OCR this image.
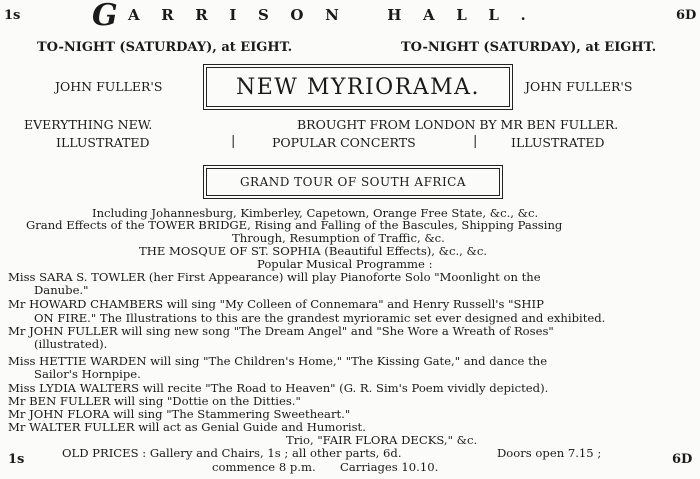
1s G ARRISON HALL.	6D
TO-NIGHT (SATURDAY), at EIGHT.	TO-NIGHT (SATURDAY), at EIGHT.
JOHN FULLER'S	NEW MYRIORAMA.	JOHN FULLER'S
EVERYTHING NEW.	BROUGHT FROM LONDON BY MR BEN FULLER.
ILLUSTRATED	|	POPULAR CONCERTS	|	ILLUSTRATED
GRAND TOUR OF SOUTH AFRICA
Including Johannesburg, Kimberley, Capetown, Orange Free State, &c., &c.
Grand Effects of the TOWER BRIDGE, Rising and Falling of the Bascules, Shipping Passing
Through, Resumption of Traffic, &c.
THE MOSQUE OF ST. SOPHIA (Beautiful Effects), &c., &c.
Popular Musical Programme :
Miss SARA S. TOWLER (her First Appearance) will play Pianoforte Solo "Moonlight on the
Danube."
Mr HOWARD CHAMBERS will sing "My Colleen of Connemara" and Henry Russell's "SHIP
ON FIRE." The Illustrations to this are the grandest myrioramic set ever designed and exhibited.
Mr JOHN FULLER will sing new song "The Dream Angel" and "She Wore a Wreath of Roses"
(illustrated).
Miss HETTIE WARDEN will sing "The Children's Home," "The Kissing Gate," and dance the
Sailor's Hornpipe.
Miss LYDIA WALTERS will recite "The Road to Heaven" (G. R. Sim's Poem vividly depicted).
Mr BEN FULLER will sing "Dottie on the Ditties."
Mr JOHN FLORA will sing "The Stammering Sweetheart."
Mr WALTER FULLER will act as Genial Guide and Humorist.
Trio, "FAIR FLORA DECKS," &c.
1s	OLD PRICES : Gallery and Chairs, 1s ; all other parts, 6d.	Doors open 7.15 ;
commence 8 p.m. Carriages 10.10.	6D
